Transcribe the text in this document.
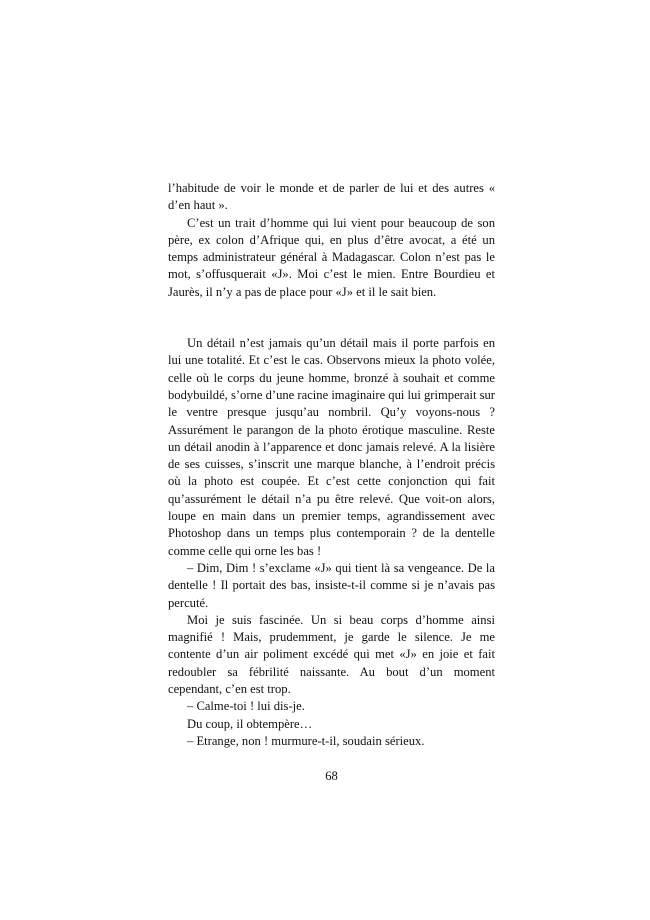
l’habitude de voir le monde et de parler de lui et des autres « d’en haut ».

C’est un trait d’homme qui lui vient pour beaucoup de son père, ex colon d’Afrique qui, en plus d’être avocat, a été un temps administrateur général à Madagascar. Colon n’est pas le mot, s’offusquerait «J». Moi c’est le mien. Entre Bourdieu et Jaurès, il n’y a pas de place pour «J» et il le sait bien.

Un détail n’est jamais qu’un détail mais il porte parfois en lui une totalité. Et c’est le cas. Observons mieux la photo volée, celle où le corps du jeune homme, bronzé à souhait et comme bodybuildé, s’orne d’une racine imaginaire qui lui grimperait sur le ventre presque jusqu’au nombril. Qu’y voyons-nous ? Assurément le parangon de la photo érotique masculine. Reste un détail anodin à l’apparence et donc jamais relevé. A la lisière de ses cuisses, s’inscrit une marque blanche, à l’endroit précis où la photo est coupée. Et c’est cette conjonction qui fait qu’assurément le détail n’a pu être relevé. Que voit-on alors, loupe en main dans un premier temps, agrandissement avec Photoshop dans un temps plus contemporain ? de la dentelle comme celle qui orne les bas !

– Dim, Dim ! s’exclame «J» qui tient là sa vengeance. De la dentelle ! Il portait des bas, insiste-t-il comme si je n’avais pas percuté.

Moi je suis fascinée. Un si beau corps d’homme ainsi magnifié ! Mais, prudemment, je garde le silence. Je me contente d’un air poliment excédé qui met «J» en joie et fait redoubler sa fébrilité naissante. Au bout d’un moment cependant, c’en est trop.

– Calme-toi ! lui dis-je.

Du coup, il obtempère…

– Etrange, non ! murmure-t-il, soudain sérieux.

68
